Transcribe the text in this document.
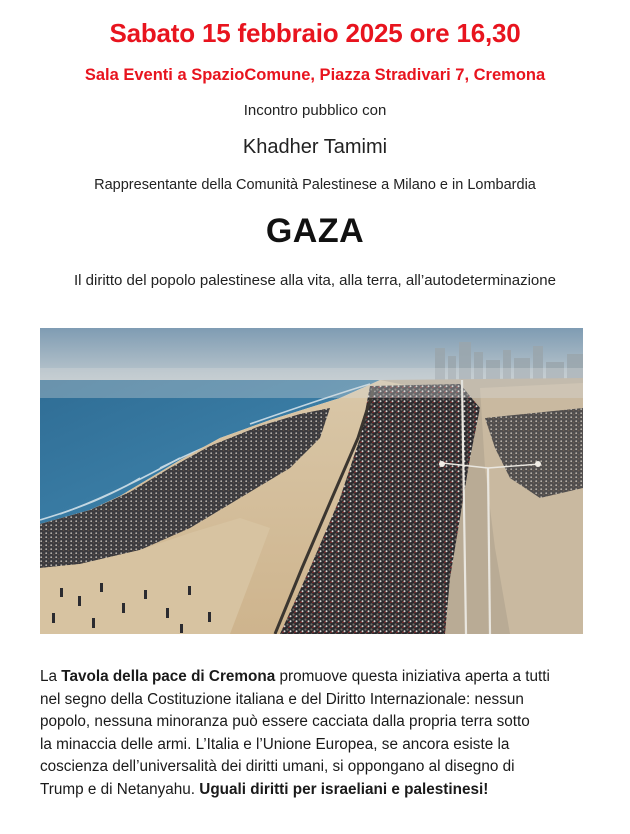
Sabato 15 febbraio 2025 ore 16,30
Sala Eventi a SpazioComune, Piazza Stradivari 7, Cremona
Incontro pubblico con
Khadher Tamimi
Rappresentante della Comunità Palestinese a Milano e in Lombardia
GAZA
Il diritto del popolo palestinese alla vita, alla terra, all’autodeterminazione
La Tavola della pace di Cremona promuove questa iniziativa aperta a tutti
nel segno della Costituzione italiana e del Diritto Internazionale: nessun
popolo, nessuna minoranza può essere cacciata dalla propria terra sotto
la minaccia delle armi. L’Italia e l’Unione Europea, se ancora esiste la
coscienza dell’universalità dei diritti umani, si oppongano al disegno di
Trump e di Netanyahu. Uguali diritti per israeliani e palestinesi!
